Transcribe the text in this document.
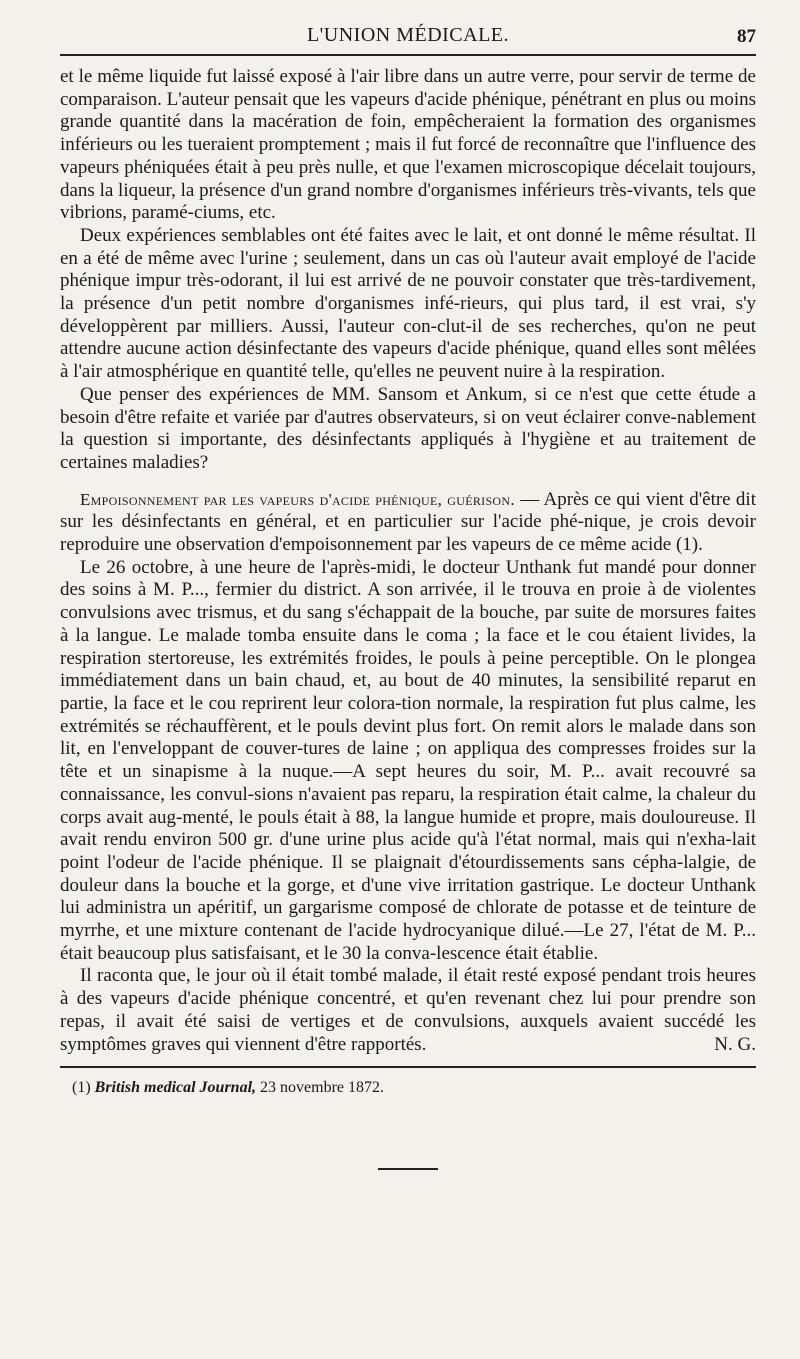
L'UNION MÉDICALE.	87

et le même liquide fut laissé exposé à l'air libre dans un autre verre, pour servir de terme de comparaison. L'auteur pensait que les vapeurs d'acide phénique, pénétrant en plus ou moins grande quantité dans la macération de foin, empêcheraient la formation des organismes inférieurs ou les tueraient promptement ; mais il fut forcé de reconnaître que l'influence des vapeurs phéniquées était à peu près nulle, et que l'examen microscopique décelait toujours, dans la liqueur, la présence d'un grand nombre d'organismes inférieurs très-vivants, tels que vibrions, paramé-ciums, etc.

Deux expériences semblables ont été faites avec le lait, et ont donné le même résultat. Il en a été de même avec l'urine ; seulement, dans un cas où l'auteur avait employé de l'acide phénique impur très-odorant, il lui est arrivé de ne pouvoir constater que très-tardivement, la présence d'un petit nombre d'organismes infé-rieurs, qui plus tard, il est vrai, s'y développèrent par milliers. Aussi, l'auteur con-clut-il de ses recherches, qu'on ne peut attendre aucune action désinfectante des vapeurs d'acide phénique, quand elles sont mêlées à l'air atmosphérique en quantité telle, qu'elles ne peuvent nuire à la respiration.

Que penser des expériences de MM. Sansom et Ankum, si ce n'est que cette étude a besoin d'être refaite et variée par d'autres observateurs, si on veut éclairer conve-nablement la question si importante, des désinfectants appliqués à l'hygiène et au traitement de certaines maladies?

Empoisonnement par les vapeurs d'acide phénique, guérison. — Après ce qui vient d'être dit sur les désinfectants en général, et en particulier sur l'acide phé-nique, je crois devoir reproduire une observation d'empoisonnement par les vapeurs de ce même acide (1).

Le 26 octobre, à une heure de l'après-midi, le docteur Unthank fut mandé pour donner des soins à M. P..., fermier du district. A son arrivée, il le trouva en proie à de violentes convulsions avec trismus, et du sang s'échappait de la bouche, par suite de morsures faites à la langue. Le malade tomba ensuite dans le coma ; la face et le cou étaient livides, la respiration stertoreuse, les extrémités froides, le pouls à peine perceptible. On le plongea immédiatement dans un bain chaud, et, au bout de 40 minutes, la sensibilité reparut en partie, la face et le cou reprirent leur colora-tion normale, la respiration fut plus calme, les extrémités se réchauffèrent, et le pouls devint plus fort. On remit alors le malade dans son lit, en l'enveloppant de couver-tures de laine ; on appliqua des compresses froides sur la tête et un sinapisme à la nuque.—A sept heures du soir, M. P... avait recouvré sa connaissance, les convul-sions n'avaient pas reparu, la respiration était calme, la chaleur du corps avait aug-menté, le pouls était à 88, la langue humide et propre, mais douloureuse. Il avait rendu environ 500 gr. d'une urine plus acide qu'à l'état normal, mais qui n'exha-lait point l'odeur de l'acide phénique. Il se plaignait d'étourdissements sans cépha-lalgie, de douleur dans la bouche et la gorge, et d'une vive irritation gastrique. Le docteur Unthank lui administra un apéritif, un gargarisme composé de chlorate de potasse et de teinture de myrrhe, et une mixture contenant de l'acide hydrocyanique dilué.—Le 27, l'état de M. P... était beaucoup plus satisfaisant, et le 30 la conva-lescence était établie.

Il raconta que, le jour où il était tombé malade, il était resté exposé pendant trois heures à des vapeurs d'acide phénique concentré, et qu'en revenant chez lui pour prendre son repas, il avait été saisi de vertiges et de convulsions, auxquels avaient succédé les symptômes graves qui viennent d'être rapportés.	N. G.

(1) British medical Journal, 23 novembre 1872.
